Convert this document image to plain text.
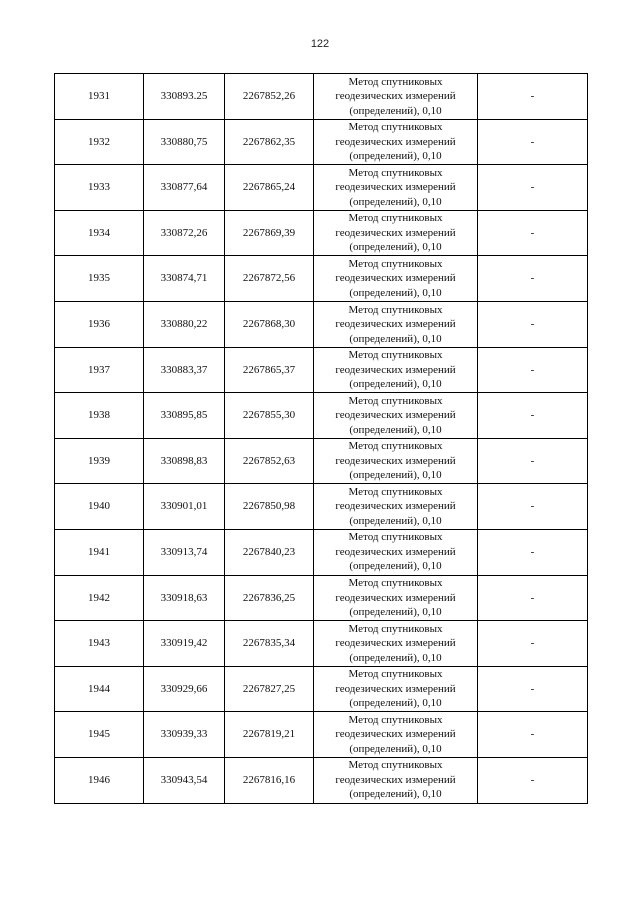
122
1931	330893.25	2267852,26	Метод спутниковых
геодезических измерений
(определений), 0,10	-
1932	330880,75	2267862,35	Метод спутниковых
геодезических измерений
(определений), 0,10	-
1933	330877,64	2267865,24	Метод спутниковых
геодезических измерений
(определений), 0,10	-
1934	330872,26	2267869,39	Метод спутниковых
геодезических измерений
(определений), 0,10	-
1935	330874,71	2267872,56	Метод спутниковых
геодезических измерений
(определений), 0,10	-
1936	330880,22	2267868,30	Метод спутниковых
геодезических измерений
(определений), 0,10	-
1937	330883,37	2267865,37	Метод спутниковых
геодезических измерений
(определений), 0,10	-
1938	330895,85	2267855,30	Метод спутниковых
геодезических измерений
(определений), 0,10	-
1939	330898,83	2267852,63	Метод спутниковых
геодезических измерений
(определений), 0,10	-
1940	330901,01	2267850,98	Метод спутниковых
геодезических измерений
(определений), 0,10	-
1941	330913,74	2267840,23	Метод спутниковых
геодезических измерений
(определений), 0,10	-
1942	330918,63	2267836,25	Метод спутниковых
геодезических измерений
(определений), 0,10	-
1943	330919,42	2267835,34	Метод спутниковых
геодезических измерений
(определений), 0,10	-
1944	330929,66	2267827,25	Метод спутниковых
геодезических измерений
(определений), 0,10	-
1945	330939,33	2267819,21	Метод спутниковых
геодезических измерений
(определений), 0,10	-
1946	330943,54	2267816,16	Метод спутниковых
геодезических измерений
(определений), 0,10	-
